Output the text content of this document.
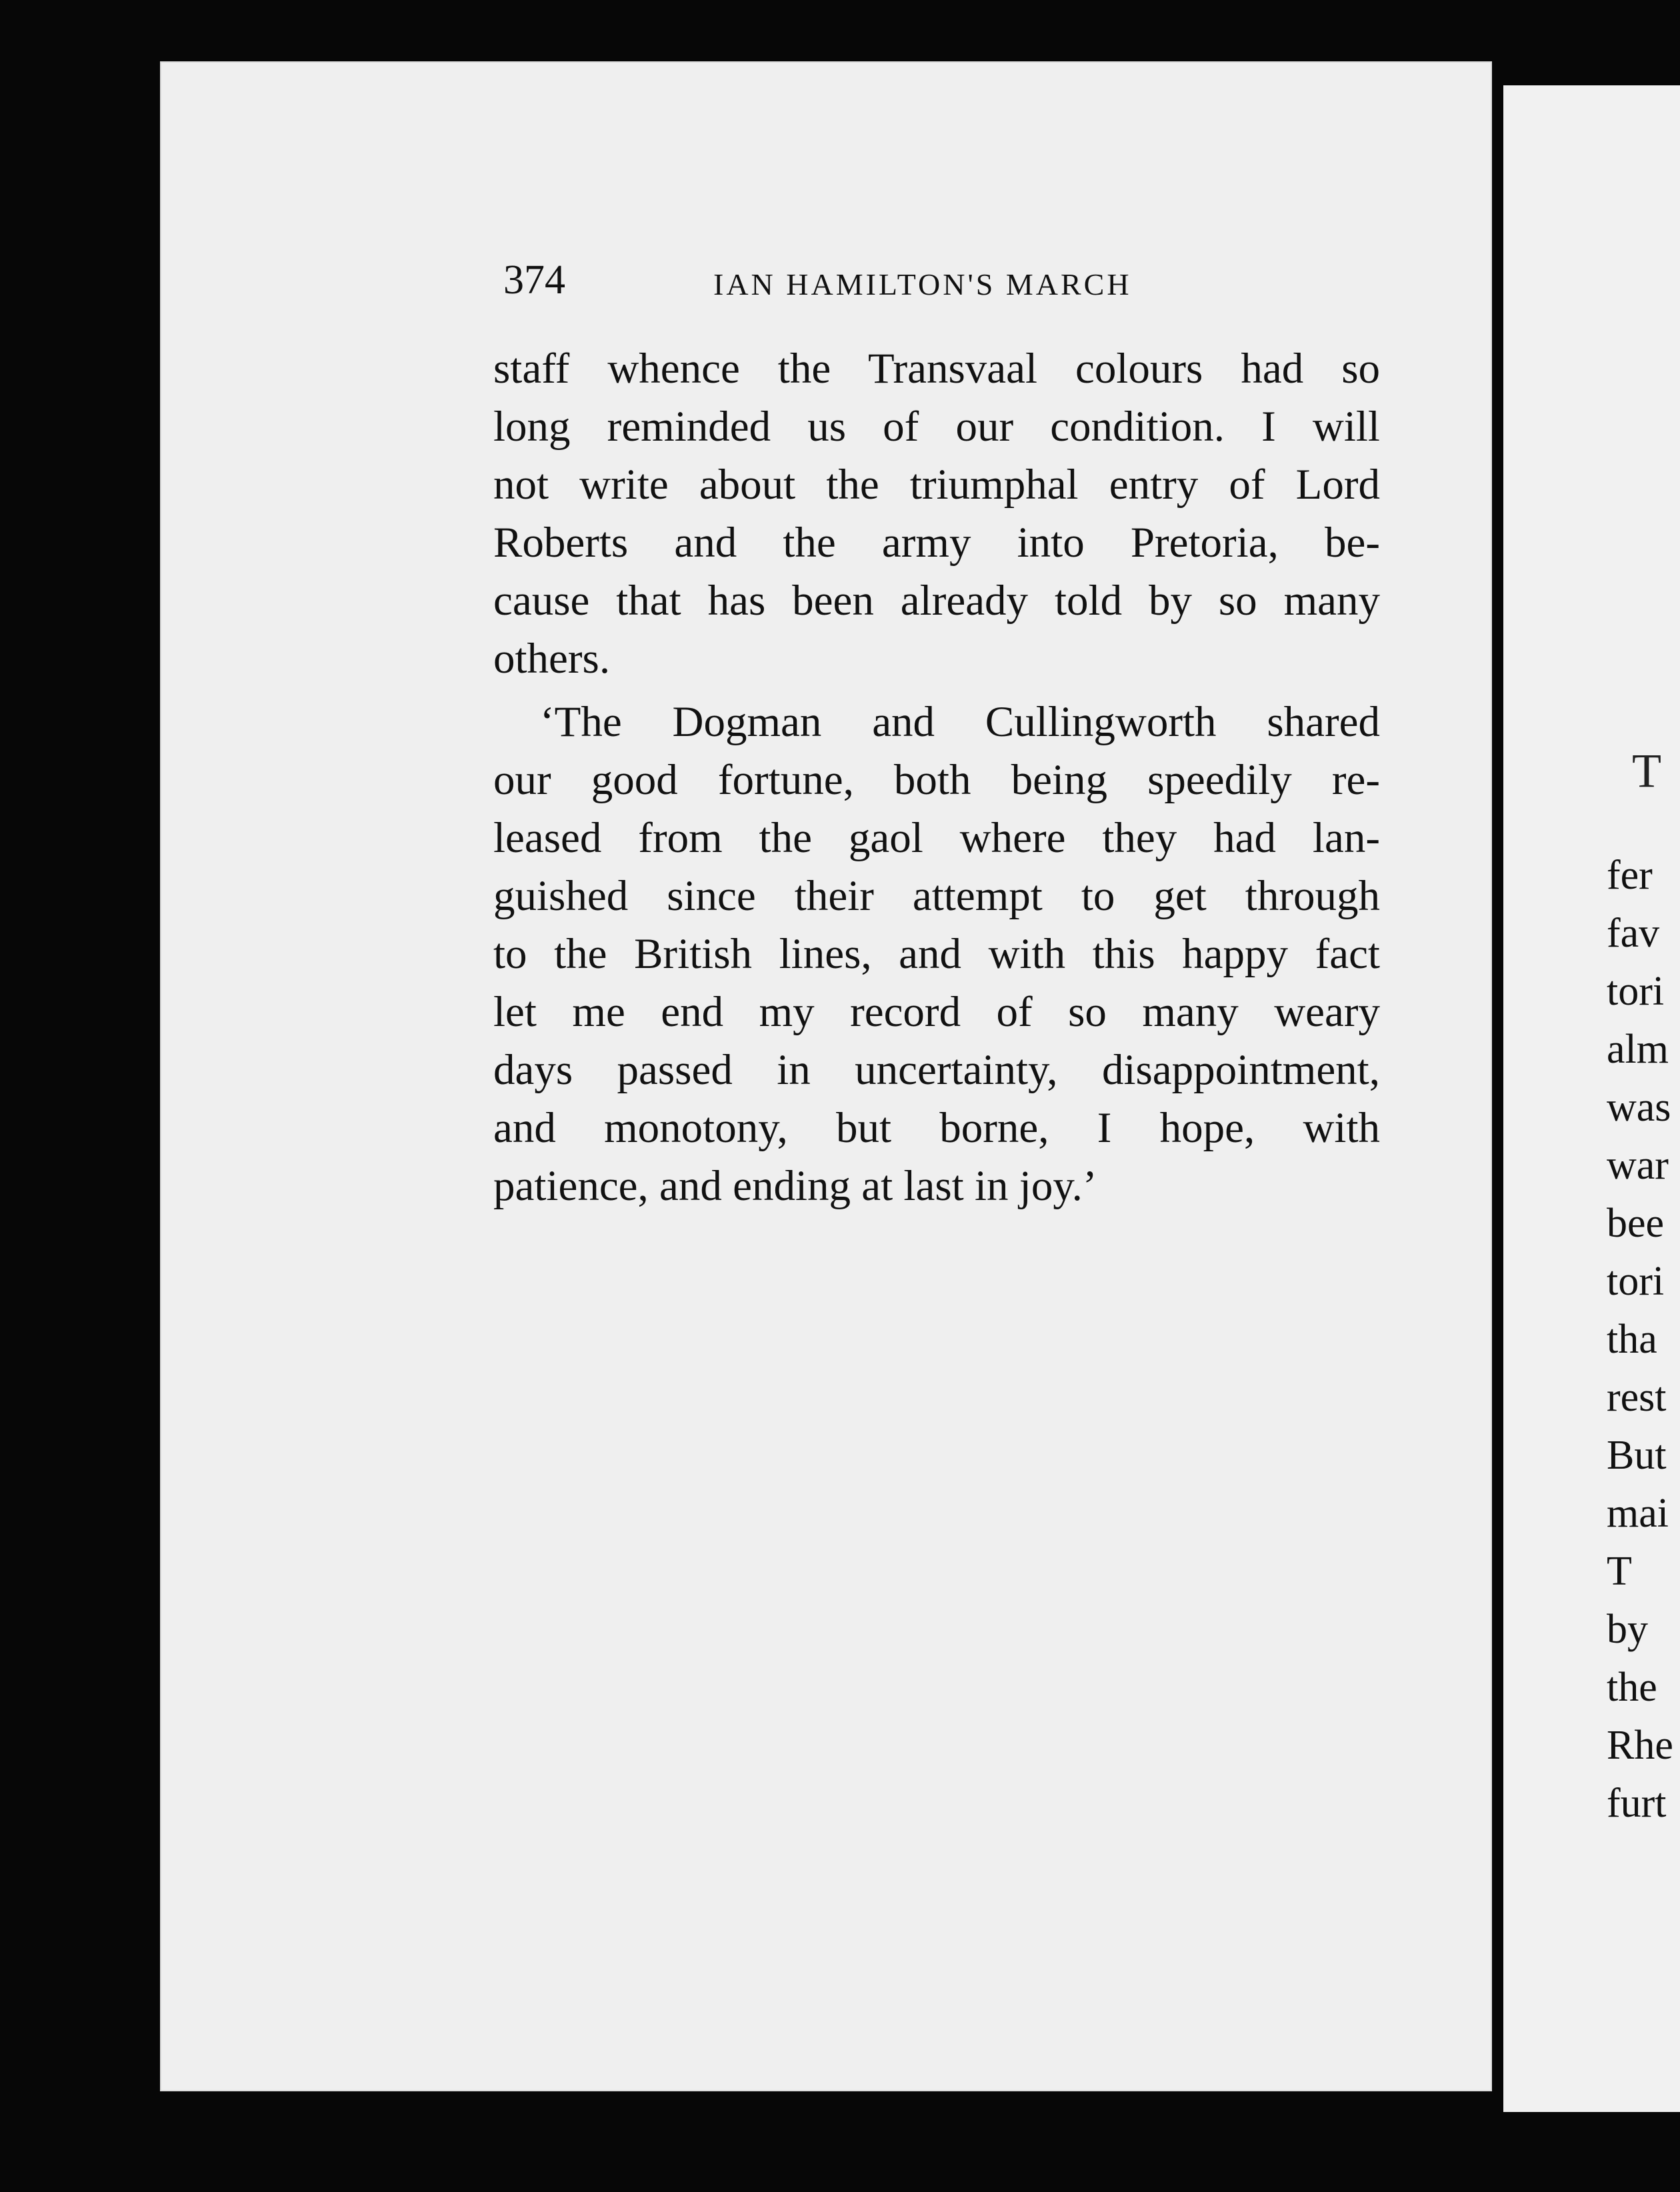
374	IAN HAMILTON'S MARCH
staff whence the Transvaal colours had so
long reminded us of our condition. I will
not write about the triumphal entry of Lord
Roberts and the army into Pretoria, be-
cause that has been already told by so many
others.
‘The Dogman and Cullingworth shared
our good fortune, both being speedily re-
leased from the gaol where they had lan-
guished since their attempt to get through
to the British lines, and with this happy fact
let me end my record of so many weary
days passed in uncertainty, disappointment,
and monotony, but borne, I hope, with
patience, and ending at last in joy.’
T
fer
fav
tori
alm
was
war
bee
tori
tha
rest
But
mai
T
by
the
Rhe
furt
